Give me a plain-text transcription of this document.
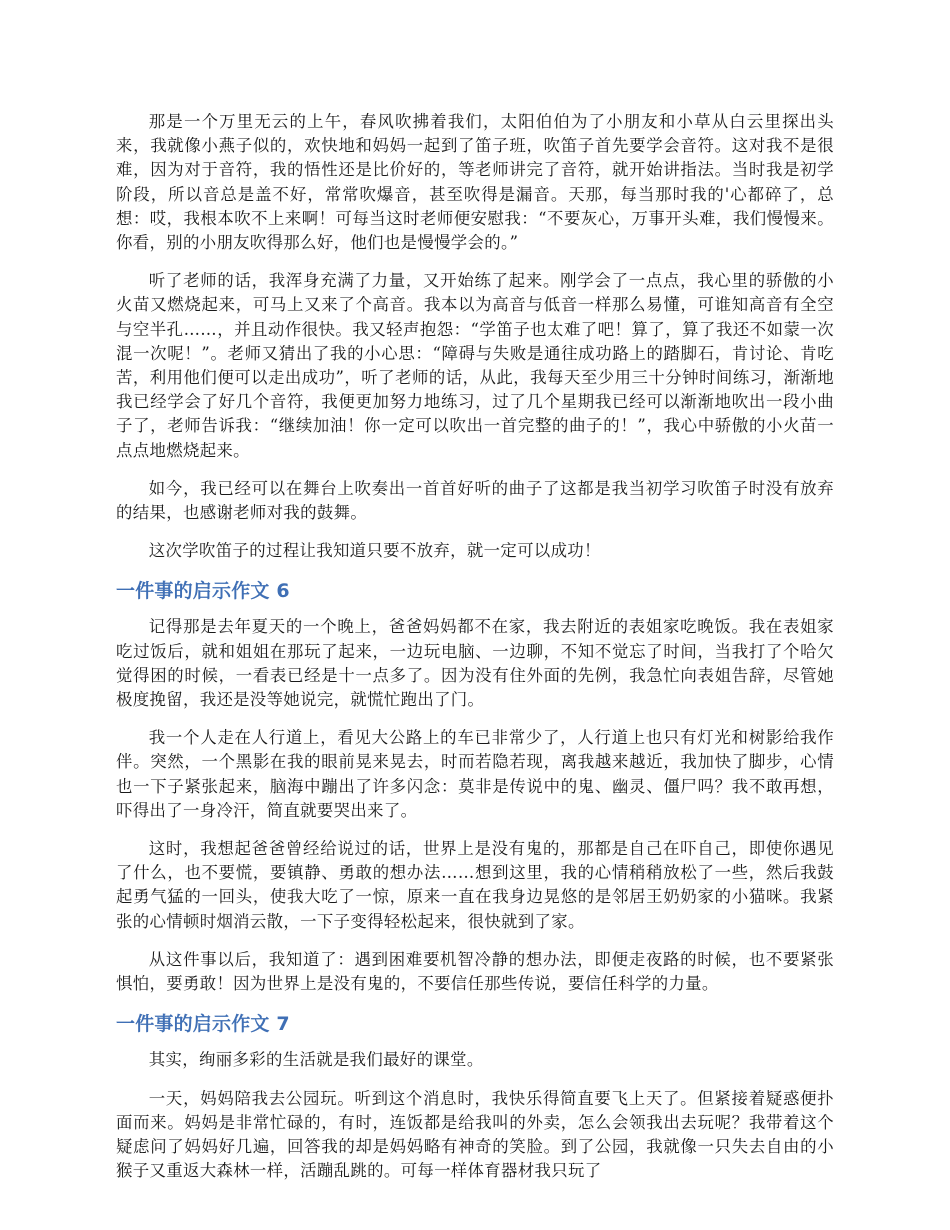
那是一个万里无云的上午，春风吹拂着我们，太阳伯伯为了小朋友和小草从白云里探出头来，我就像小燕子似的，欢快地和妈妈一起到了笛子班，吹笛子首先要学会音符。这对我不是很难，因为对于音符，我的悟性还是比价好的，等老师讲完了音符，就开始讲指法。当时我是初学阶段，所以音总是盖不好，常常吹爆音，甚至吹得是漏音。天那，每当那时我的'心都碎了，总想：哎，我根本吹不上来啊！可每当这时老师便安慰我：“不要灰心，万事开头难，我们慢慢来。你看，别的小朋友吹得那么好，他们也是慢慢学会的。”

听了老师的话，我浑身充满了力量，又开始练了起来。刚学会了一点点，我心里的骄傲的小火苗又燃烧起来，可马上又来了个高音。我本以为高音与低音一样那么易懂，可谁知高音有全空与空半孔……，并且动作很快。我又轻声抱怨：“学笛子也太难了吧！算了，算了我还不如蒙一次混一次呢！”。老师又猜出了我的小心思：“障碍与失败是通往成功路上的踏脚石，肯讨论、肯吃苦，利用他们便可以走出成功”，听了老师的话，从此，我每天至少用三十分钟时间练习，渐渐地我已经学会了好几个音符，我便更加努力地练习，过了几个星期我已经可以渐渐地吹出一段小曲子了，老师告诉我：“继续加油！你一定可以吹出一首完整的曲子的！”，我心中骄傲的小火苗一点点地燃烧起来。

如今，我已经可以在舞台上吹奏出一首首好听的曲子了这都是我当初学习吹笛子时没有放弃的结果，也感谢老师对我的鼓舞。

这次学吹笛子的过程让我知道只要不放弃，就一定可以成功！

一件事的启示作文 6

记得那是去年夏天的一个晚上，爸爸妈妈都不在家，我去附近的表姐家吃晚饭。我在表姐家吃过饭后，就和姐姐在那玩了起来，一边玩电脑、一边聊，不知不觉忘了时间，当我打了个哈欠觉得困的时候，一看表已经是十一点多了。因为没有住外面的先例，我急忙向表姐告辞，尽管她极度挽留，我还是没等她说完，就慌忙跑出了门。

我一个人走在人行道上，看见大公路上的车已非常少了，人行道上也只有灯光和树影给我作伴。突然，一个黑影在我的眼前晃来晃去，时而若隐若现，离我越来越近，我加快了脚步，心情也一下子紧张起来，脑海中蹦出了许多闪念：莫非是传说中的鬼、幽灵、僵尸吗？我不敢再想，吓得出了一身冷汗，简直就要哭出来了。

这时，我想起爸爸曾经给说过的话，世界上是没有鬼的，那都是自己在吓自己，即使你遇见了什么，也不要慌，要镇静、勇敢的想办法……想到这里，我的心情稍稍放松了一些，然后我鼓起勇气猛的一回头，使我大吃了一惊，原来一直在我身边晃悠的是邻居王奶奶家的小猫咪。我紧张的心情顿时烟消云散，一下子变得轻松起来，很快就到了家。

从这件事以后，我知道了：遇到困难要机智冷静的想办法，即便走夜路的时候，也不要紧张惧怕，要勇敢！因为世界上是没有鬼的，不要信任那些传说，要信任科学的力量。

一件事的启示作文 7

其实，绚丽多彩的生活就是我们最好的课堂。

一天，妈妈陪我去公园玩。听到这个消息时，我快乐得简直要飞上天了。但紧接着疑惑便扑面而来。妈妈是非常忙碌的，有时，连饭都是给我叫的外卖，怎么会领我出去玩呢？我带着这个疑虑问了妈妈好几遍，回答我的却是妈妈略有神奇的笑脸。到了公园，我就像一只失去自由的小猴子又重返大森林一样，活蹦乱跳的。可每一样体育器材我只玩了
